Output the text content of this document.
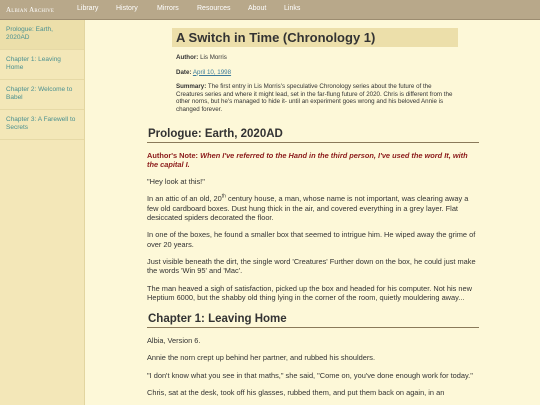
Albian Archive	Library	History	Mirrors	Resources	About	Links
Prologue: Earth, 2020AD
Chapter 1: Leaving Home
Chapter 2: Welcome to Babel
Chapter 3: A Farewell to Secrets
A Switch in Time (Chronology 1)
Author: Lis Morris
Date: April 10, 1998
Summary: The first entry in Lis Morris's speculative Chronology series about the future of the Creatures series and where it might lead, set in the far-flung future of 2020. Chris is different from the other norns, but he's managed to hide it- until an experiment goes wrong and his beloved Annie is changed forever.
Prologue: Earth, 2020AD

Author's Note: When I've referred to the Hand in the third person, I've used the word It, with the capital I.

"Hey look at this!"

In an attic of an old, 20th century house, a man, whose name is not important, was clearing away a few old cardboard boxes. Dust hung thick in the air, and covered everything in a grey layer. Flat desiccated spiders decorated the floor.

In one of the boxes, he found a smaller box that seemed to intrigue him. He wiped away the grime of over 20 years.

Just visible beneath the dirt, the single word 'Creatures' Further down on the box, he could just make the words 'Win 95' and 'Mac'.

The man heaved a sigh of satisfaction, picked up the box and headed for his computer. Not his new Heptium 6000, but the shabby old thing lying in the corner of the room, quietly mouldering away...

Chapter 1: Leaving Home

Albia, Version 6.

Annie the norn crept up behind her partner, and rubbed his shoulders.

"I don't know what you see in that maths," she said, "Come on, you've done enough work for today."

Chris, sat at the desk, took off his glasses, rubbed them, and put them back on again, in an
